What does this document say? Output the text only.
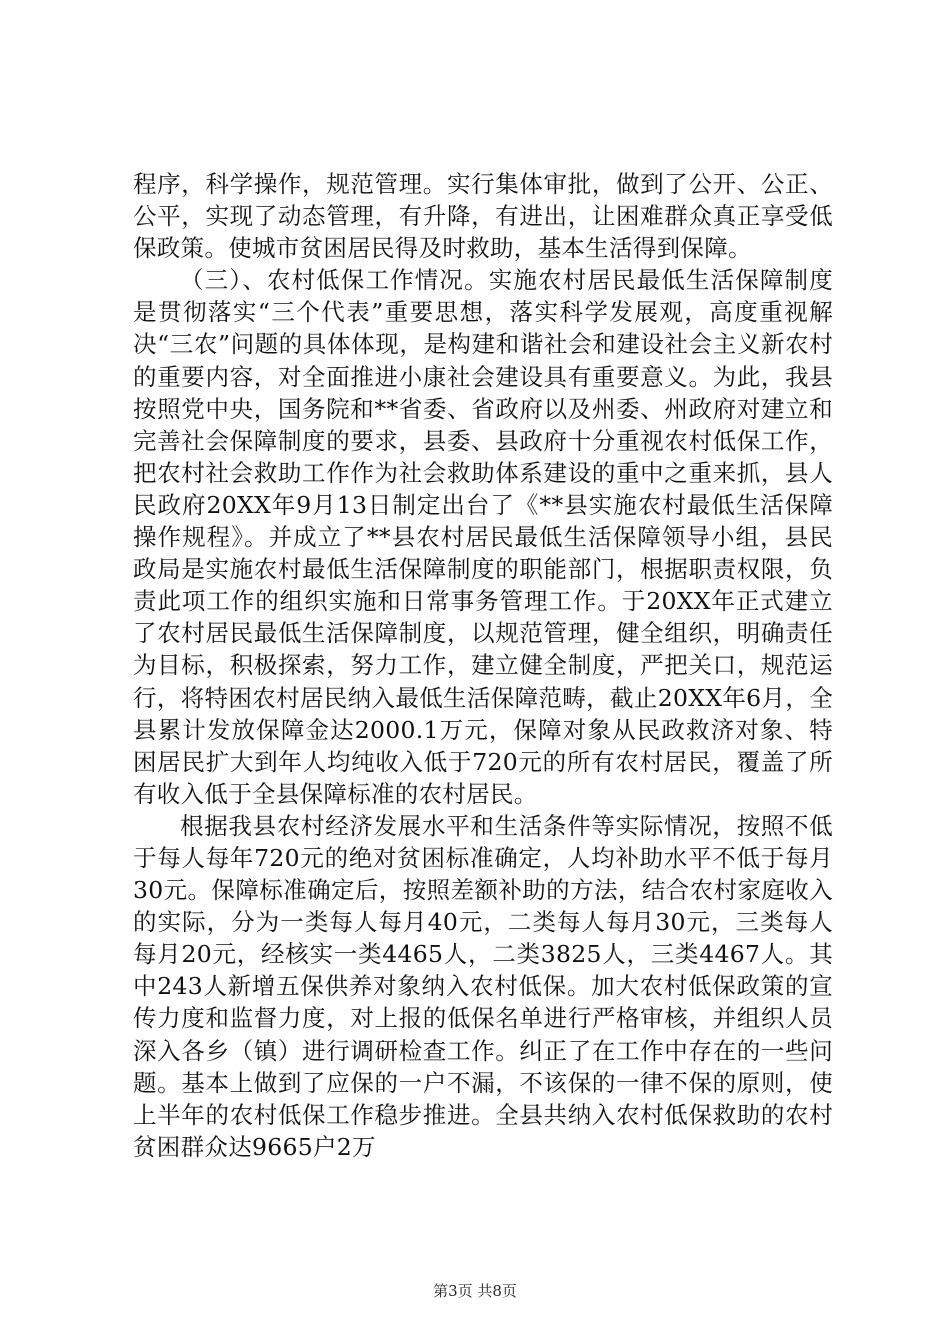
程序，科学操作，规范管理。实行集体审批，做到了公开、公正、公平，实现了动态管理，有升降，有进出，让困难群众真正享受低保政策。使城市贫困居民得及时救助，基本生活得到保障。

（三）、农村低保工作情况。实施农村居民最低生活保障制度是贯彻落实“三个代表”重要思想，落实科学发展观，高度重视解决“三农”问题的具体体现，是构建和谐社会和建设社会主义新农村的重要内容，对全面推进小康社会建设具有重要意义。为此，我县按照党中央，国务院和**省委、省政府以及州委、州政府对建立和完善社会保障制度的要求，县委、县政府十分重视农村低保工作，把农村社会救助工作作为社会救助体系建设的重中之重来抓，县人民政府20XX年9月13日制定出台了《**县实施农村最低生活保障操作规程》。并成立了**县农村居民最低生活保障领导小组，县民政局是实施农村最低生活保障制度的职能部门，根据职责权限，负责此项工作的组织实施和日常事务管理工作。于20XX年正式建立了农村居民最低生活保障制度，以规范管理，健全组织，明确责任为目标，积极探索，努力工作，建立健全制度，严把关口，规范运行，将特困农村居民纳入最低生活保障范畴，截止20XX年6月，全县累计发放保障金达2000.1万元，保障对象从民政救济对象、特困居民扩大到年人均纯收入低于720元的所有农村居民，覆盖了所有收入低于全县保障标准的农村居民。

根据我县农村经济发展水平和生活条件等实际情况，按照不低于每人每年720元的绝对贫困标准确定，人均补助水平不低于每月30元。保障标准确定后，按照差额补助的方法，结合农村家庭收入的实际，分为一类每人每月40元，二类每人每月30元，三类每人每月20元，经核实一类4465人，二类3825人，三类4467人。其中243人新增五保供养对象纳入农村低保。加大农村低保政策的宣传力度和监督力度，对上报的低保名单进行严格审核，并组织人员深入各乡（镇）进行调研检查工作。纠正了在工作中存在的一些问题。基本上做到了应保的一户不漏，不该保的一律不保的原则，使上半年的农村低保工作稳步推进。全县共纳入农村低保救助的农村贫困群众达9665户2万

第3页 共8页
